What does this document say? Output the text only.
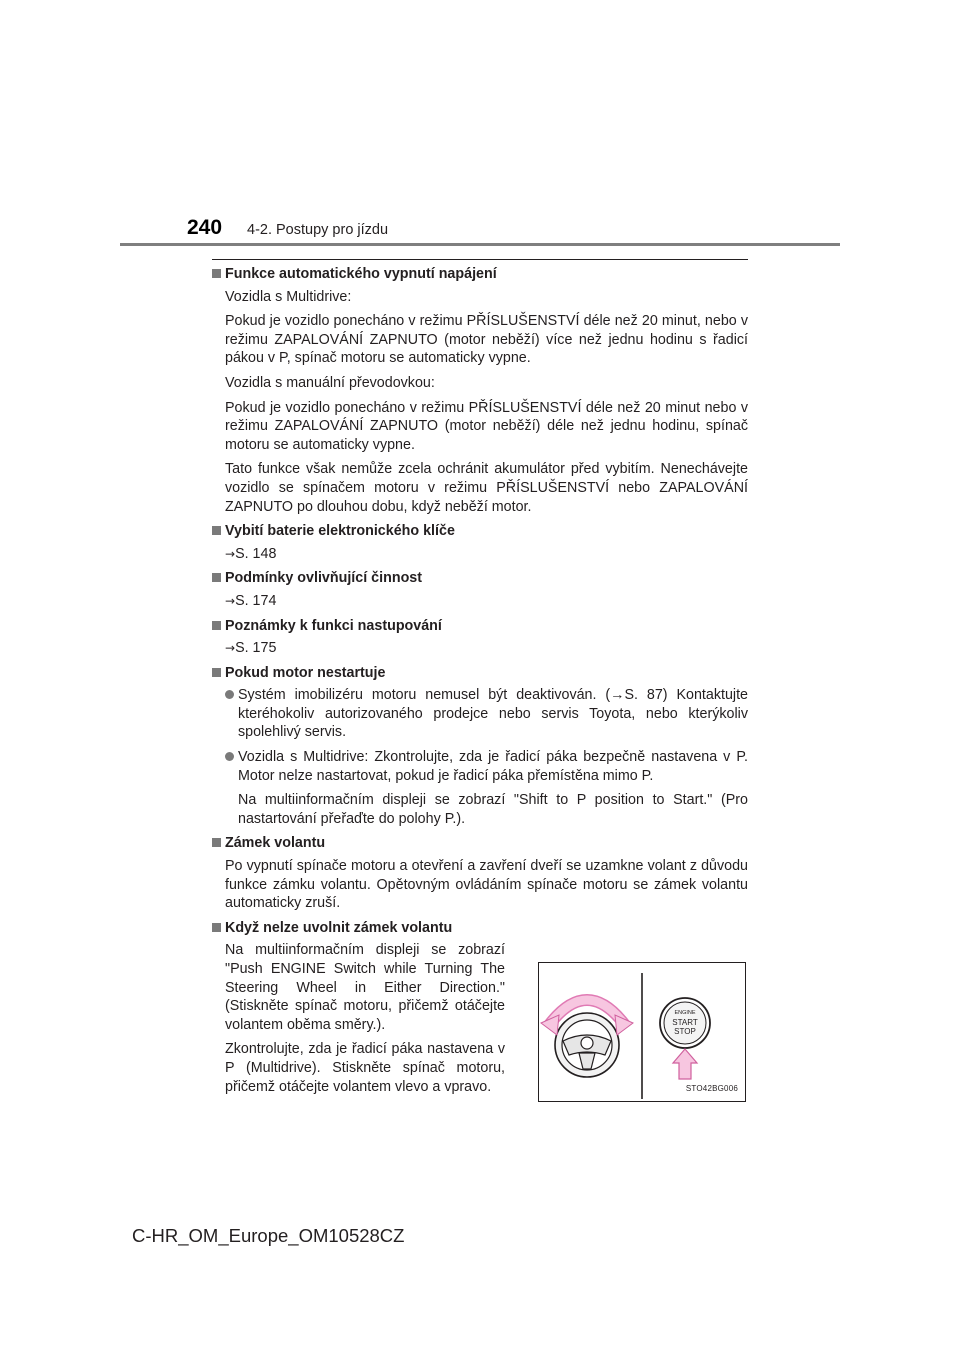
240 4-2. Postupy pro jízdu
Funkce automatického vypnutí napájení

Vozidla s Multidrive:

Pokud je vozidlo ponecháno v režimu PŘÍSLUŠENSTVÍ déle než 20 minut, nebo v režimu ZAPALOVÁNÍ ZAPNUTO (motor neběží) více než jednu hodinu s řadicí pákou v P, spínač motoru se automaticky vypne.

Vozidla s manuální převodovkou:

Pokud je vozidlo ponecháno v režimu PŘÍSLUŠENSTVÍ déle než 20 minut nebo v režimu ZAPALOVÁNÍ ZAPNUTO (motor neběží) déle než jednu hodinu, spínač motoru se automaticky vypne.

Tato funkce však nemůže zcela ochránit akumulátor před vybitím. Nenechávejte vozidlo se spínačem motoru v režimu PŘÍSLUŠENSTVÍ nebo ZAPALOVÁNÍ ZAPNUTO po dlouhou dobu, když neběží motor.

Vybití baterie elektronického klíče

→S. 148

Podmínky ovlivňující činnost

→S. 174

Poznámky k funkci nastupování

→S. 175

Pokud motor nestartuje

Systém imobilizéru motoru nemusel být deaktivován. (→S. 87) Kontaktujte kteréhokoliv autorizovaného prodejce nebo servis Toyota, nebo kterýkoliv spolehlivý servis.

Vozidla s Multidrive: Zkontrolujte, zda je řadicí páka bezpečně nastavena v P. Motor nelze nastartovat, pokud je řadicí páka přemístěna mimo P.

Na multiinformačním displeji se zobrazí "Shift to P position to Start." (Pro nastartování přeřaďte do polohy P.).

Zámek volantu

Po vypnutí spínače motoru a otevření a zavření dveří se uzamkne volant z důvodu funkce zámku volantu. Opětovným ovládáním spínače motoru se zámek volantu automaticky zruší.

Když nelze uvolnit zámek volantu

Na multiinformačním displeji se zobrazí "Push ENGINE Switch while Turning The Steering Wheel in Either Direction." (Stiskněte spínač motoru, přičemž otáčejte volantem oběma směry.).

Zkontrolujte, zda je řadicí páka nastavena v P (Multidrive). Stiskněte spínač motoru, přičemž otáčejte volantem vlevo a vpravo.

ENGINE
START
STOP
STO42BG006
C-HR_OM_Europe_OM10528CZ
